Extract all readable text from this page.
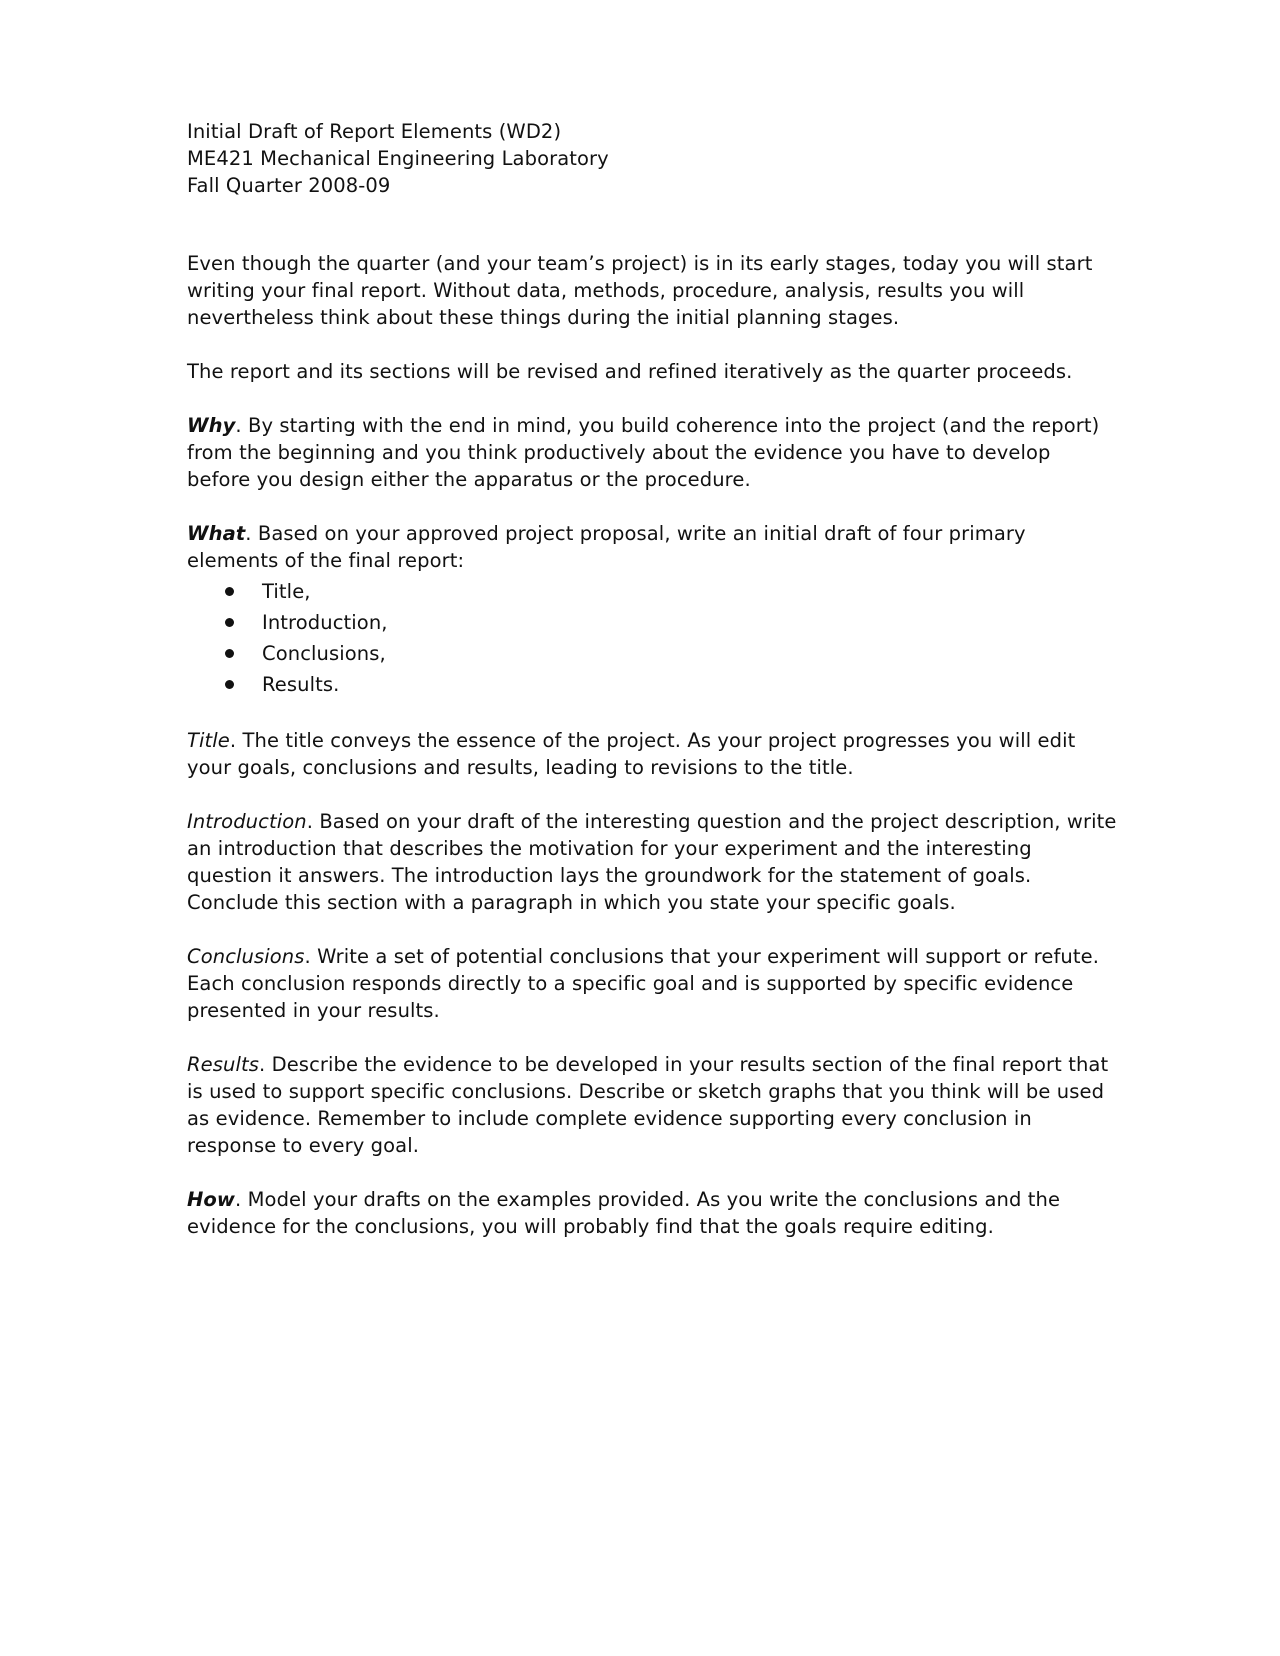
Initial Draft of Report Elements (WD2)

ME421 Mechanical Engineering Laboratory

Fall Quarter 2008-09

Even though the quarter (and your team’s project) is in its early stages, today you will start writing your final report. Without data, methods, procedure, analysis, results you will nevertheless think about these things during the initial planning stages.

The report and its sections will be revised and refined iteratively as the quarter proceeds.

Why. By starting with the end in mind, you build coherence into the project (and the report) from the beginning and you think productively about the evidence you have to develop before you design either the apparatus or the procedure.

What. Based on your approved project proposal, write an initial draft of four primary elements of the final report:

Title,
Introduction,
Conclusions,
Results.

Title. The title conveys the essence of the project. As your project progresses you will edit your goals, conclusions and results, leading to revisions to the title.

Introduction. Based on your draft of the interesting question and the project description, write an introduction that describes the motivation for your experiment and the interesting question it answers. The introduction lays the groundwork for the statement of goals. Conclude this section with a paragraph in which you state your specific goals.

Conclusions. Write a set of potential conclusions that your experiment will support or refute. Each conclusion responds directly to a specific goal and is supported by specific evidence presented in your results.

Results. Describe the evidence to be developed in your results section of the final report that is used to support specific conclusions. Describe or sketch graphs that you think will be used as evidence. Remember to include complete evidence supporting every conclusion in response to every goal.

How. Model your drafts on the examples provided. As you write the conclusions and the evidence for the conclusions, you will probably find that the goals require editing.
